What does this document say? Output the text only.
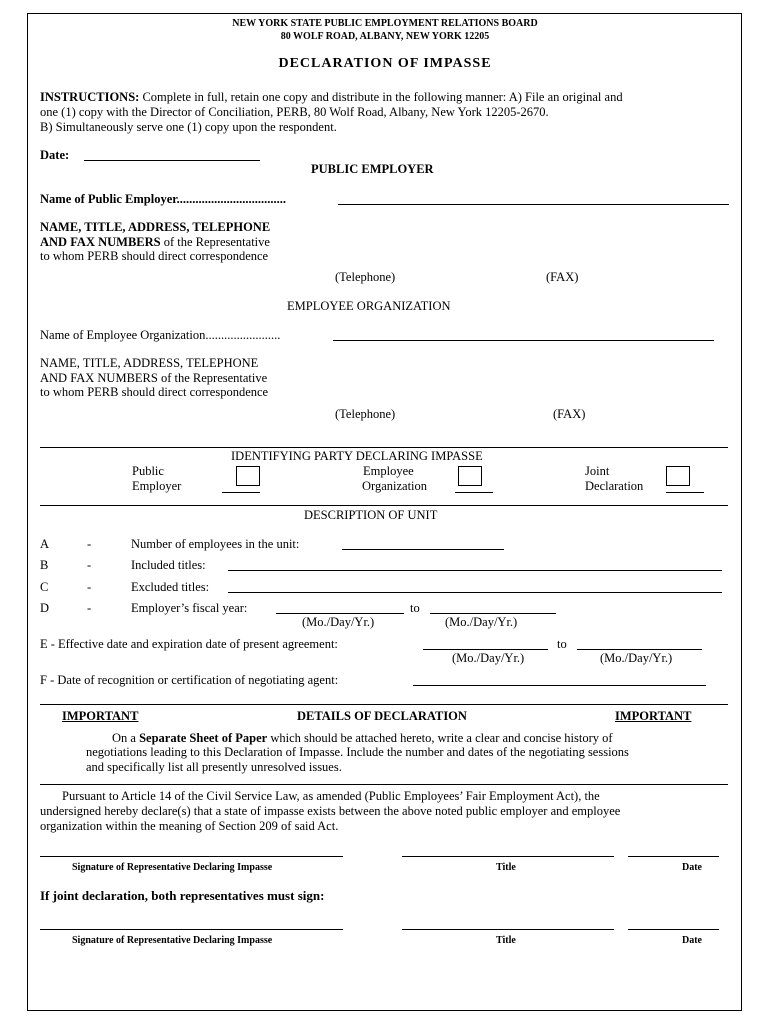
NEW YORK STATE PUBLIC EMPLOYMENT RELATIONS BOARD
80 WOLF ROAD, ALBANY, NEW YORK 12205
DECLARATION OF IMPASSE
INSTRUCTIONS: Complete in full, retain one copy and distribute in the following manner: A) File an original and
one (1) copy with the Director of Conciliation, PERB, 80 Wolf Road, Albany, New York 12205-2670.
B) Simultaneously serve one (1) copy upon the respondent.
Date:
PUBLIC EMPLOYER
Name of Public Employer...................................
NAME, TITLE, ADDRESS, TELEPHONE
AND FAX NUMBERS of the Representative
to whom PERB should direct correspondence
(Telephone)	(FAX)
EMPLOYEE ORGANIZATION
Name of Employee Organization........................
NAME, TITLE, ADDRESS, TELEPHONE
AND FAX NUMBERS of the Representative
to whom PERB should direct correspondence
(Telephone)	(FAX)
IDENTIFYING PARTY DECLARING IMPASSE
Public
Employer
Employee
Organization
Joint
Declaration
DESCRIPTION OF UNIT
A	-	Number of employees in the unit:
B	-	Included titles:
C	-	Excluded titles:
D	-	Employer’s fiscal year:	to
(Mo./Day/Yr.)	(Mo./Day/Yr.)
E - Effective date and expiration date of present agreement:	to
(Mo./Day/Yr.)	(Mo./Day/Yr.)
F - Date of recognition or certification of negotiating agent:
IMPORTANT	DETAILS OF DECLARATION	IMPORTANT
On a Separate Sheet of Paper which should be attached hereto, write a clear and concise history of
negotiations leading to this Declaration of Impasse. Include the number and dates of the negotiating sessions
and specifically list all presently unresolved issues.
Pursuant to Article 14 of the Civil Service Law, as amended (Public Employees’ Fair Employment Act), the
undersigned hereby declare(s) that a state of impasse exists between the above noted public employer and employee
organization within the meaning of Section 209 of said Act.
Signature of Representative Declaring Impasse	Title	Date
If joint declaration, both representatives must sign:
Signature of Representative Declaring Impasse	Title	Date
